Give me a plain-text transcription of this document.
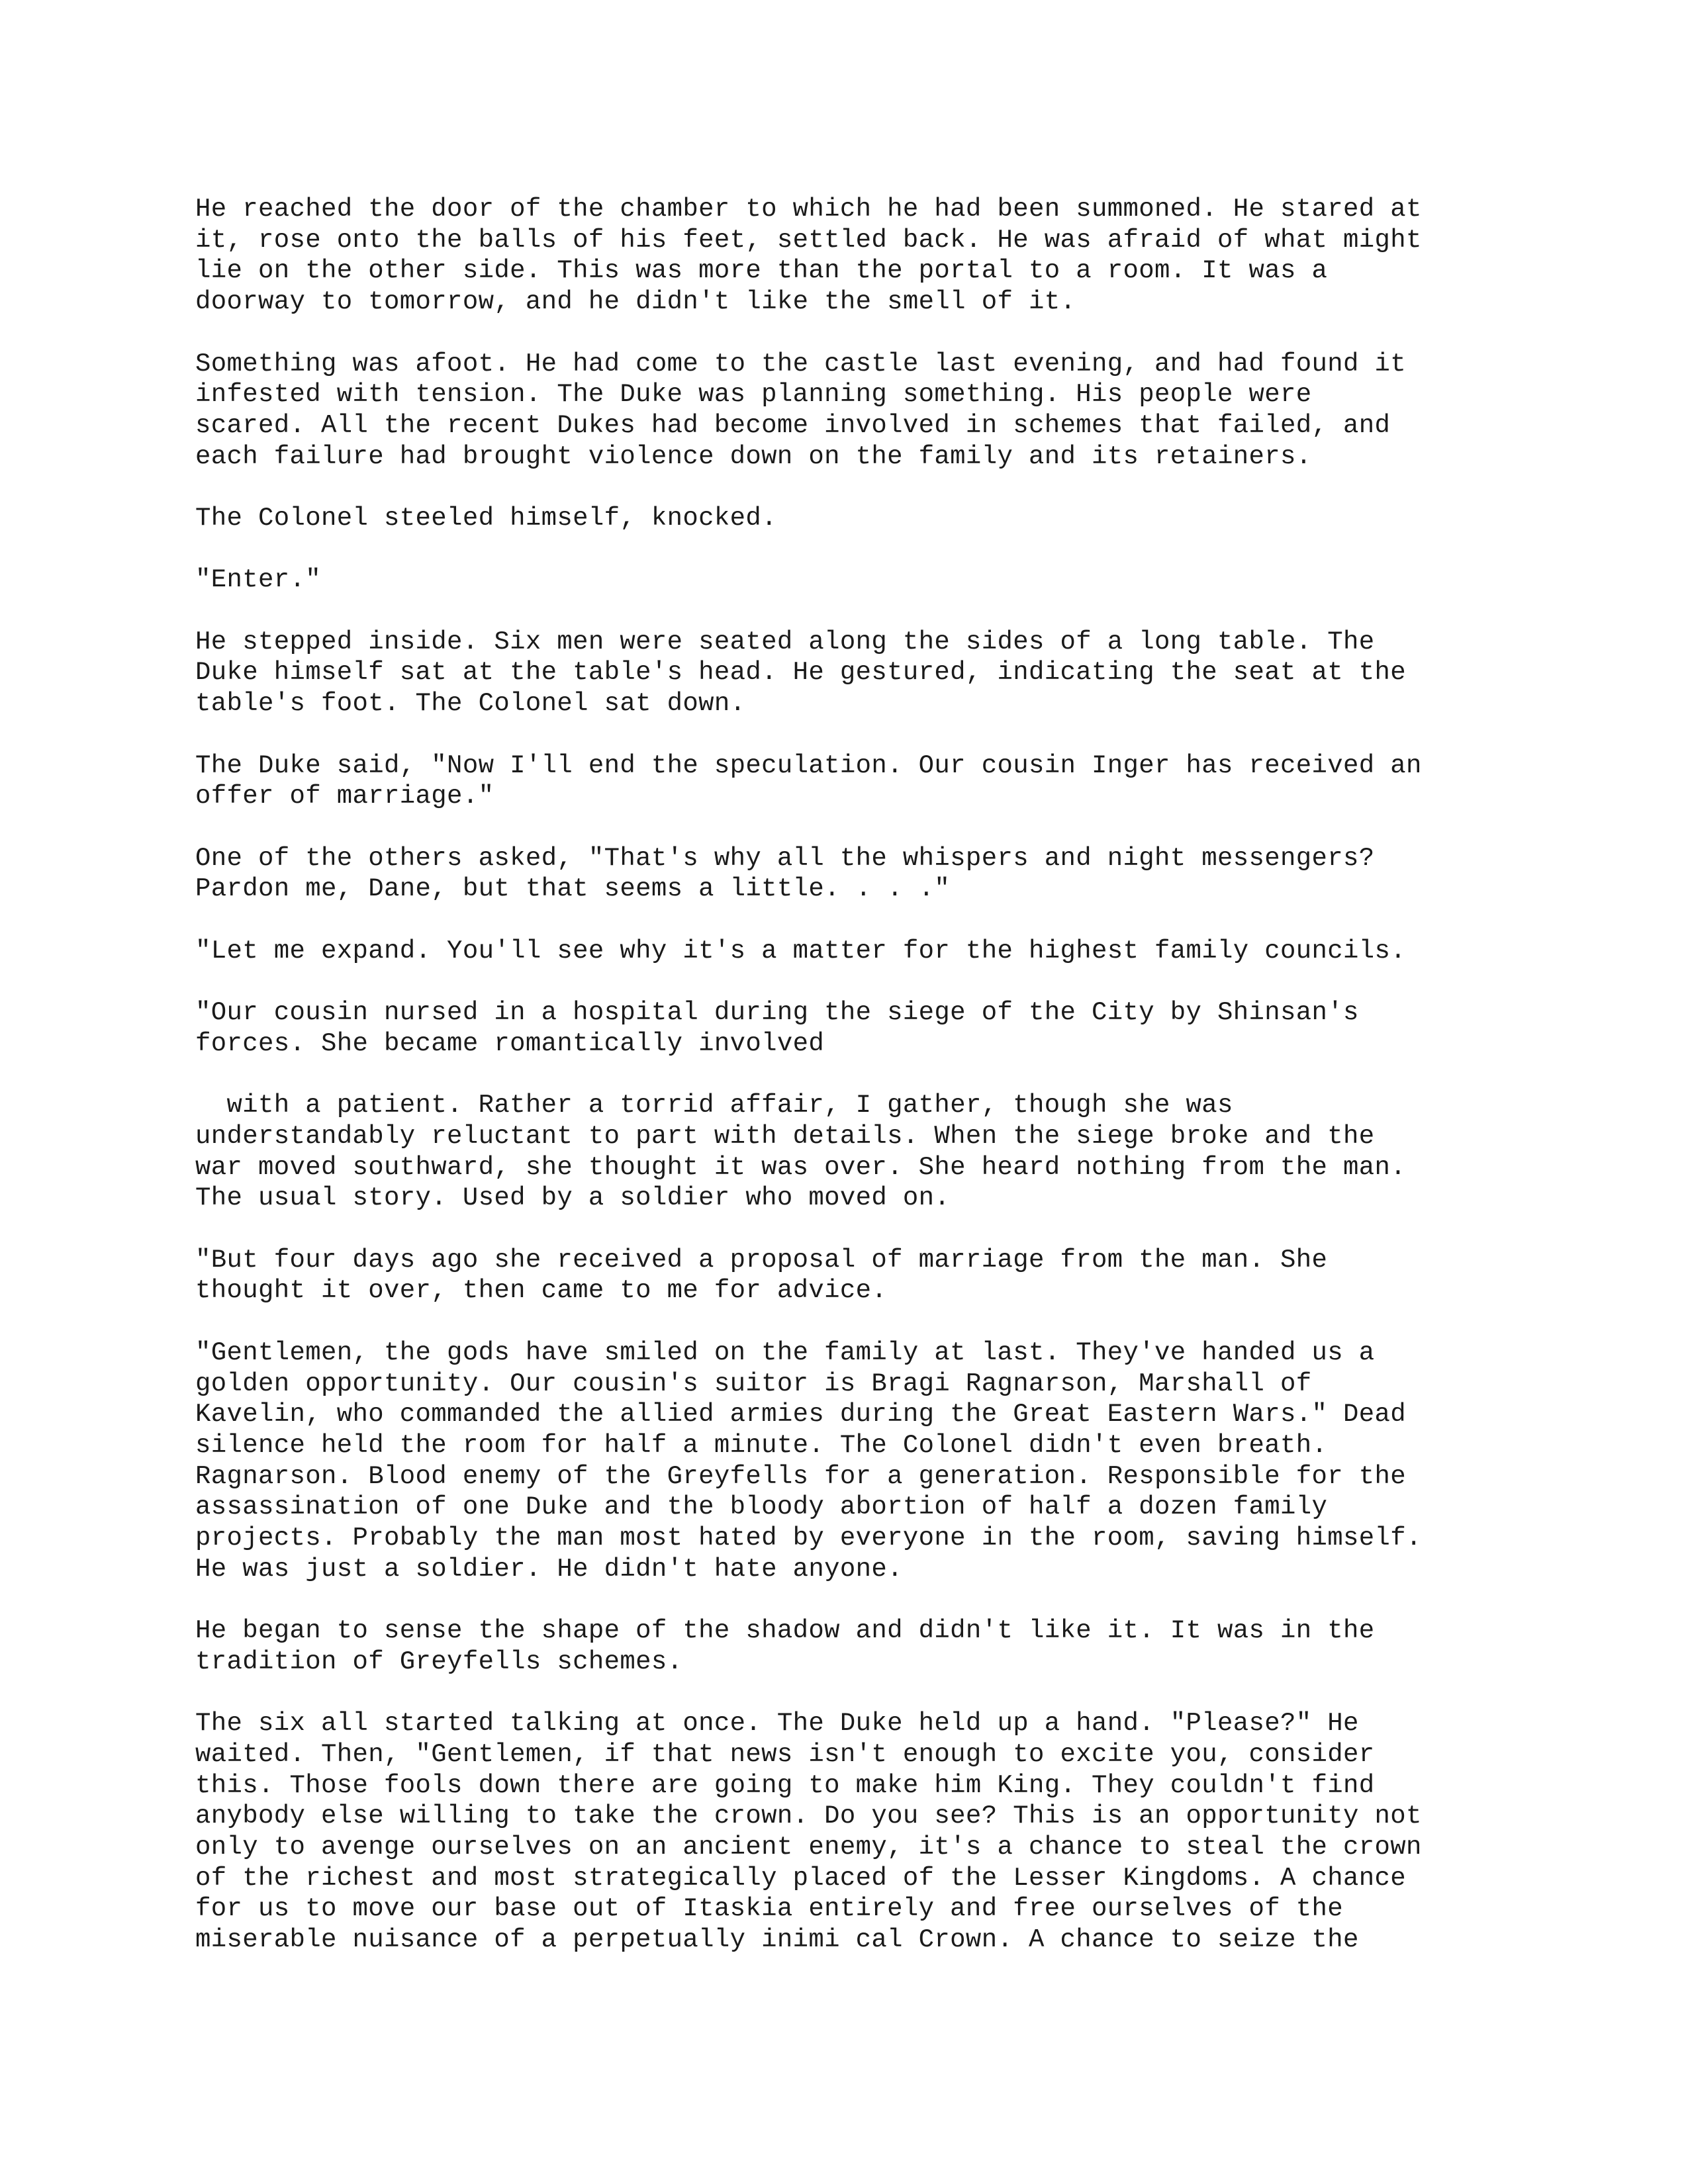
He reached the door of the chamber to which he had been summoned. He stared at
it, rose onto the balls of his feet, settled back. He was afraid of what might
lie on the other side. This was more than the portal to a room. It was a
doorway to tomorrow, and he didn't like the smell of it.

Something was afoot. He had come to the castle last evening, and had found it
infested with tension. The Duke was planning something. His people were
scared. All the recent Dukes had become involved in schemes that failed, and
each failure had brought violence down on the family and its retainers.

The Colonel steeled himself, knocked.

"Enter."

He stepped inside. Six men were seated along the sides of a long table. The
Duke himself sat at the table's head. He gestured, indicating the seat at the
table's foot. The Colonel sat down.

The Duke said, "Now I'll end the speculation. Our cousin Inger has received an
offer of marriage."

One of the others asked, "That's why all the whispers and night messengers?
Pardon me, Dane, but that seems a little. . . ."

"Let me expand. You'll see why it's a matter for the highest family councils.

"Our cousin nursed in a hospital during the siege of the City by Shinsan's
forces. She became romantically involved

with a patient. Rather a torrid affair, I gather, though she was
understandably reluctant to part with details. When the siege broke and the
war moved southward, she thought it was over. She heard nothing from the man.
The usual story. Used by a soldier who moved on.

"But four days ago she received a proposal of marriage from the man. She
thought it over, then came to me for advice.

"Gentlemen, the gods have smiled on the family at last. They've handed us a
golden opportunity. Our cousin's suitor is Bragi Ragnarson, Marshall of
Kavelin, who commanded the allied armies during the Great Eastern Wars." Dead
silence held the room for half a minute. The Colonel didn't even breath.
Ragnarson. Blood enemy of the Greyfells for a generation. Responsible for the
assassination of one Duke and the bloody abortion of half a dozen family
projects. Probably the man most hated by everyone in the room, saving himself.
He was just a soldier. He didn't hate anyone.

He began to sense the shape of the shadow and didn't like it. It was in the
tradition of Greyfells schemes.

The six all started talking at once. The Duke held up a hand. "Please?" He
waited. Then, "Gentlemen, if that news isn't enough to excite you, consider
this. Those fools down there are going to make him King. They couldn't find
anybody else willing to take the crown. Do you see? This is an opportunity not
only to avenge ourselves on an ancient enemy, it's a chance to steal the crown
of the richest and most strategically placed of the Lesser Kingdoms. A chance
for us to move our base out of Itaskia entirely and free ourselves of the
miserable nuisance of a perpetually inimi cal Crown. A chance to seize the
